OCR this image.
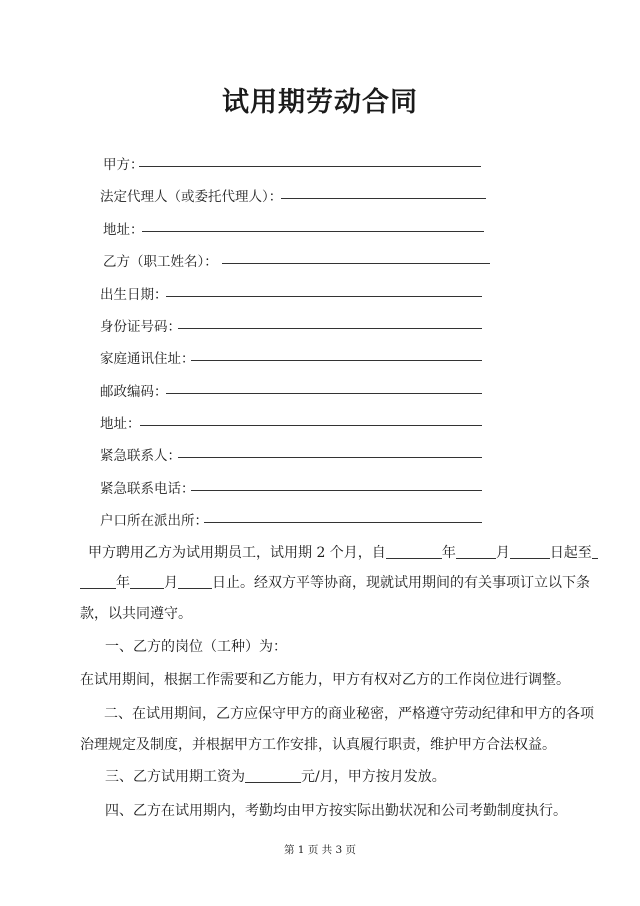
试用期劳动合同
甲方：
法定代理人（或委托代理人）：
地址：
乙方（职工姓名）：
出生日期：
身份证号码：
家庭通讯住址：
邮政编码：
地址：
紧急联系人：
紧急联系电话：
户口所在派出所：
甲方聘用乙方为试用期员工，试用期 2 个月，自	年	月	日起至
年 月 日止。经双方平等协商，现就试用期间的有关事项订立以下条
款，以共同遵守。
一、乙方的岗位（工种）为：
在试用期间，根据工作需要和乙方能力，甲方有权对乙方的工作岗位进行调整。
二、在试用期间，乙方应保守甲方的商业秘密，严格遵守劳动纪律和甲方的各项
治理规定及制度，并根据甲方工作安排，认真履行职责，维护甲方合法权益。
三、乙方试用期工资为	元/月，甲方按月发放。
四、乙方在试用期内，考勤均由甲方按实际出勤状况和公司考勤制度执行。
第 1 页 共 3 页
